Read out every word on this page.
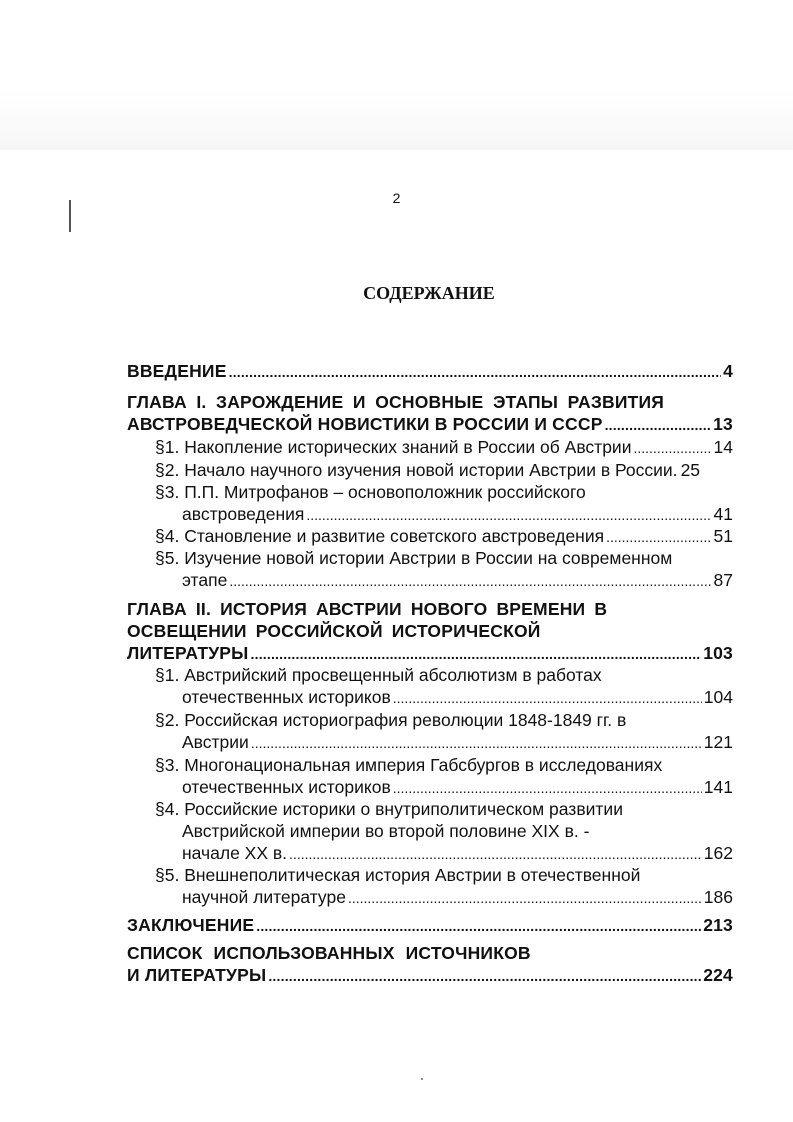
2
СОДЕРЖАНИЕ
ВВЕДЕНИЕ .....	4
ГЛАВА I. ЗАРОЖДЕНИЕ И ОСНОВНЫЕ ЭТАПЫ РАЗВИТИЯ
АВСТРОВЕДЧЕСКОЙ НОВИСТИКИ В РОССИИ И СССР .....	13
§1. Накопление исторических знаний в России об Австрии .....	14
§2. Начало научного изучения новой истории Австрии в России. 25
§3. П.П. Митрофанов – основоположник российского
австроведения .....	41
§4. Становление и развитие советского австроведения .....	51
§5. Изучение новой истории Австрии в России на современном
этапе .....	87
ГЛАВА II. ИСТОРИЯ АВСТРИИ НОВОГО ВРЕМЕНИ В
ОСВЕЩЕНИИ РОССИЙСКОЙ ИСТОРИЧЕСКОЙ
ЛИТЕРАТУРЫ .....	103
§1. Австрийский просвещенный абсолютизм в работах
отечественных историков .....	104
§2. Российская историография революции 1848-1849 гг. в
Австрии .....	121
§3. Многонациональная империя Габсбургов в исследованиях
отечественных историков .....	141
§4. Российские историки о внутриполитическом развитии
Австрийской империи во второй половине XIX в. -
начале XX в. .....	162
§5. Внешнеполитическая история Австрии в отечественной
научной литературе .....	186
ЗАКЛЮЧЕНИЕ .....	213
СПИСОК ИСПОЛЬЗОВАННЫХ ИСТОЧНИКОВ
И ЛИТЕРАТУРЫ .....	224
